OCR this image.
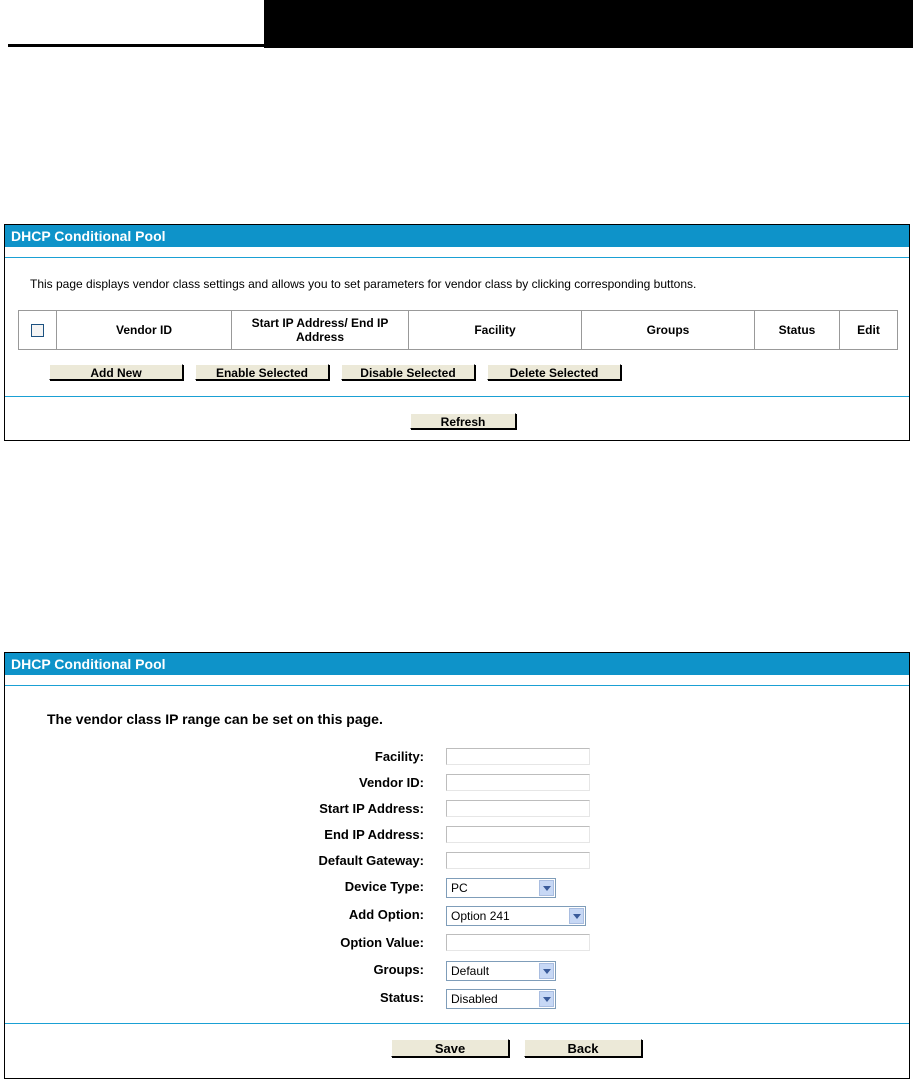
DHCP Conditional Pool
This page displays vendor class settings and allows you to set parameters for vendor class by clicking corresponding buttons.
	Vendor ID	Start IP Address/ End IP Address	Facility	Groups	Status	Edit
Add New	Enable Selected	Disable Selected	Delete Selected
Refresh
DHCP Conditional Pool
The vendor class IP range can be set on this page.
Facility:
Vendor ID:
Start IP Address:
End IP Address:
Default Gateway:
Device Type:	PC
Add Option:	Option 241
Option Value:
Groups:	Default
Status:	Disabled
Save	Back
